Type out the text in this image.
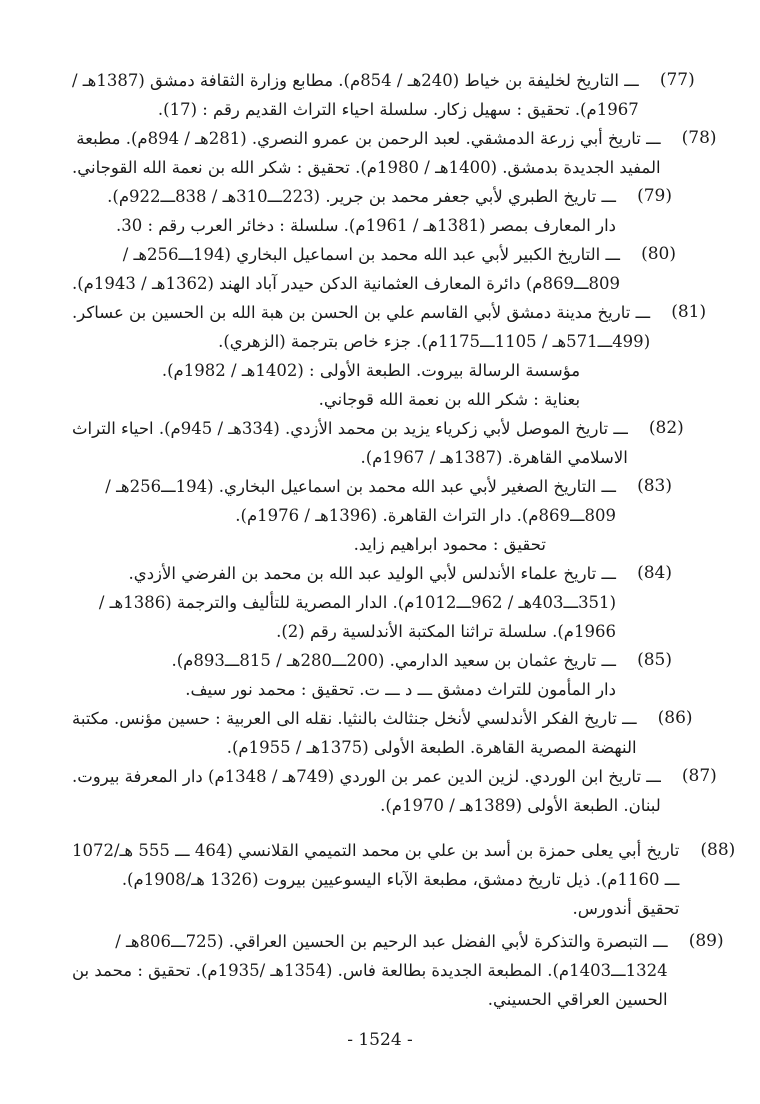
ـــ التاريخ لخليفة بن خياط (240هـ / 854م). مطابع وزارة الثقافة دمشق (1387هـ /
1967م). تحقيق : سهيل زكار. سلسلة احياء التراث القديم رقم : (17).
(77)
ـــ تاريخ أبي زرعة الدمشقي. لعبد الرحمن بن عمرو النصري. (281هـ / 894م). مطبعة
المفيد الجديدة بدمشق. (1400هـ / 1980م). تحقيق : شكر الله بن نعمة الله القوجاني.
(78)
ـــ تاريخ الطبري لأبي جعفر محمد بن جرير. (223ـــ310هـ / 838ـــ922م).
دار المعارف بمصر (1381هـ / 1961م). سلسلة : دخائر العرب رقم : 30.
(79)
ـــ التاريخ الكبير لأبي عبد الله محمد بن اسماعيل البخاري (194ـــ256هـ /
809ـــ869م) دائرة المعارف العثمانية الدكن حيدر آباد الهند (1362هـ / 1943م).
(80)
ـــ تاريخ مدينة دمشق لأبي القاسم علي بن الحسن بن هبة الله بن الحسين بن عساكر.
(499ـــ571هـ / 1105ـــ1175م). جزء خاص بترجمة (الزهري).
مؤسسة الرسالة بيروت. الطبعة الأولى : (1402هـ / 1982م).
بعناية : شكر الله بن نعمة الله قوجاني.
(81)
ـــ تاريخ الموصل لأبي زكرياء يزيد بن محمد الأزدي. (334هـ / 945م). احياء التراث
الاسلامي القاهرة. (1387هـ / 1967م).
(82)
ـــ التاريخ الصغير لأبي عبد الله محمد بن اسماعيل البخاري. (194ـــ256هـ /
809ـــ869م). دار التراث القاهرة. (1396هـ / 1976م).
تحقيق : محمود ابراهيم زايد.
(83)
ـــ تاريخ علماء الأندلس لأبي الوليد عبد الله بن محمد بن الفرضي الأزدي.
(351ـــ403هـ / 962ـــ1012م). الدار المصرية للتأليف والترجمة (1386هـ /
1966م). سلسلة تراثنا المكتبة الأندلسية رقم (2).
(84)
ـــ تاريخ عثمان بن سعيد الدارمي. (200ـــ280هـ / 815ـــ893م).
دار المأمون للتراث دمشق ـــ د ـــ ت. تحقيق : محمد نور سيف.
(85)
ـــ تاريخ الفكر الأندلسي لأنخل جنثالث بالنثيا. نقله الى العربية : حسين مؤنس. مكتبة
النهضة المصرية القاهرة. الطبعة الأولى (1375هـ / 1955م).
(86)
ـــ تاريخ ابن الوردي. لزين الدين عمر بن الوردي (749هـ / 1348م) دار المعرفة بيروت.
لبنان. الطبعة الأولى (1389هـ / 1970م).
(87)
تاريخ أبي يعلى حمزة بن أسد بن علي بن محمد التميمي القلانسي (464 ـــ 555 هـ/1072
ـــ 1160م). ذيل تاريخ دمشق، مطبعة الآباء اليسوعيين بيروت (1326 هـ/1908م).
تحقيق أندورس.
(88)
ـــ التبصرة والتذكرة لأبي الفضل عبد الرحيم بن الحسين العراقي. (725ـــ806هـ /
1324ـــ1403م). المطبعة الجديدة بطالعة فاس. (1354هـ /1935م). تحقيق : محمد بن
الحسين العراقي الحسيني.
(89)
- 1524 -
